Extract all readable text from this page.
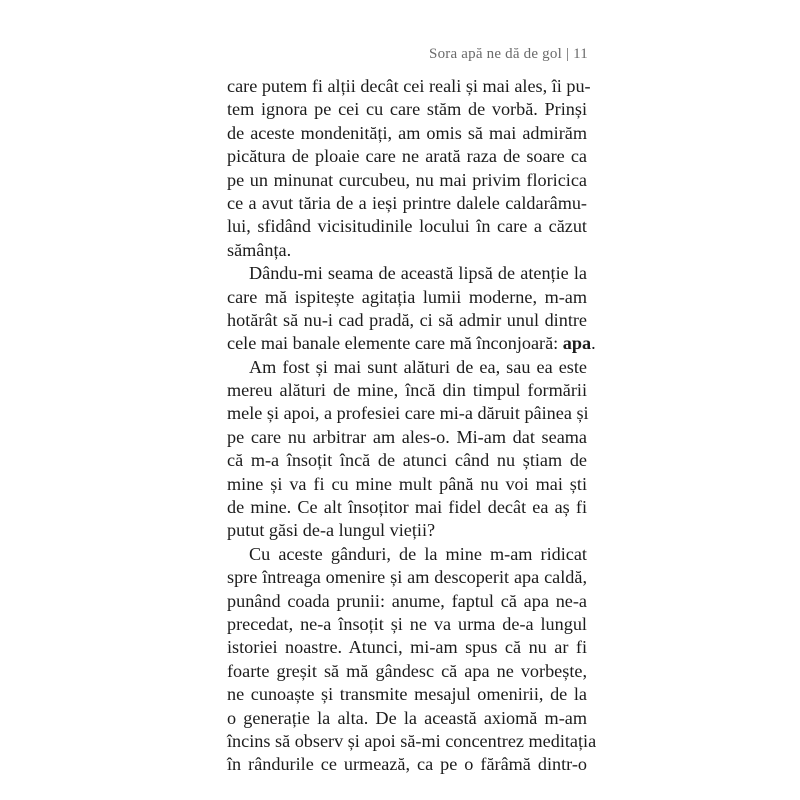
Sora apă ne dă de gol | 11
care putem fi alții decât cei reali și mai ales, îi pu-
tem ignora pe cei cu care stăm de vorbă. Prinși
de aceste mondenități, am omis să mai admirăm
picătura de ploaie care ne arată raza de soare ca
pe un minunat curcubeu, nu mai privim floricica
ce a avut tăria de a ieși printre dalele caldarâmu-
lui, sfidând vicisitudinile locului în care a căzut
sămânța.
Dându-mi seama de această lipsă de atenție la
care mă ispitește agitația lumii moderne, m-am
hotărât să nu-i cad pradă, ci să admir unul dintre
cele mai banale elemente care mă înconjoară: apa.
Am fost și mai sunt alături de ea, sau ea este
mereu alături de mine, încă din timpul formării
mele și apoi, a profesiei care mi-a dăruit pâinea și
pe care nu arbitrar am ales-o. Mi-am dat seama
că m-a însoțit încă de atunci când nu știam de
mine și va fi cu mine mult până nu voi mai ști
de mine. Ce alt însoțitor mai fidel decât ea aș fi
putut găsi de-a lungul vieții?
Cu aceste gânduri, de la mine m-am ridicat
spre întreaga omenire și am descoperit apa caldă,
punând coada prunii: anume, faptul că apa ne-a
precedat, ne-a însoțit și ne va urma de-a lungul
istoriei noastre. Atunci, mi-am spus că nu ar fi
foarte greșit să mă gândesc că apa ne vorbește,
ne cunoaște și transmite mesajul omenirii, de la
o generație la alta. De la această axiomă m-am
încins să observ și apoi să-mi concentrez meditația
în rândurile ce urmează, ca pe o fărâmă dintr-o
